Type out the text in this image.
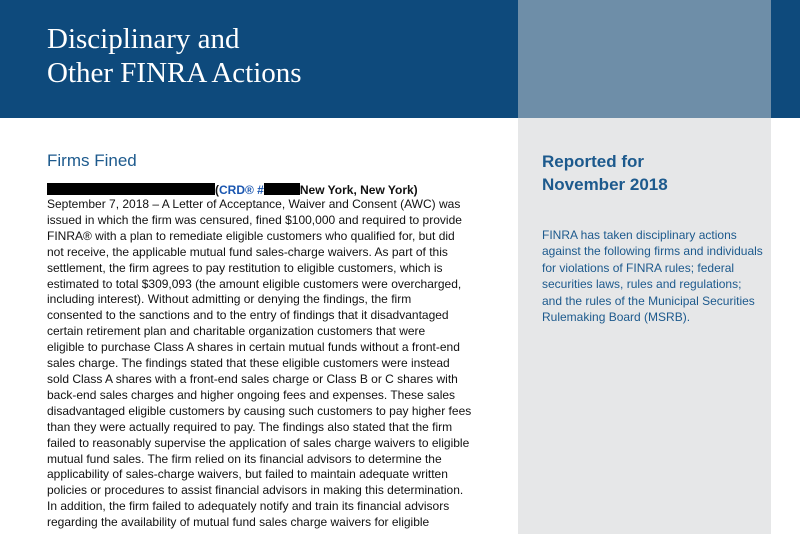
Disciplinary and
Other FINRA Actions
Reported for
November 2018

FINRA has taken disciplinary actions against the following firms and individuals for violations of FINRA rules; federal securities laws, rules and regulations; and the rules of the Municipal Securities Rulemaking Board (MSRB).

Firms Fined
(CRD® #	New York, New York)
September 7, 2018 – A Letter of Acceptance, Waiver and Consent (AWC) was
issued in which the firm was censured, fined $100,000 and required to provide
FINRA® with a plan to remediate eligible customers who qualified for, but did
not receive, the applicable mutual fund sales-charge waivers. As part of this
settlement, the firm agrees to pay restitution to eligible customers, which is
estimated to total $309,093 (the amount eligible customers were overcharged,
including interest). Without admitting or denying the findings, the firm
consented to the sanctions and to the entry of findings that it disadvantaged
certain retirement plan and charitable organization customers that were
eligible to purchase Class A shares in certain mutual funds without a front-end
sales charge. The findings stated that these eligible customers were instead
sold Class A shares with a front-end sales charge or Class B or C shares with
back-end sales charges and higher ongoing fees and expenses. These sales
disadvantaged eligible customers by causing such customers to pay higher fees
than they were actually required to pay. The findings also stated that the firm
failed to reasonably supervise the application of sales charge waivers to eligible
mutual fund sales. The firm relied on its financial advisors to determine the
applicability of sales-charge waivers, but failed to maintain adequate written
policies or procedures to assist financial advisors in making this determination.
In addition, the firm failed to adequately notify and train its financial advisors
regarding the availability of mutual fund sales charge waivers for eligible
